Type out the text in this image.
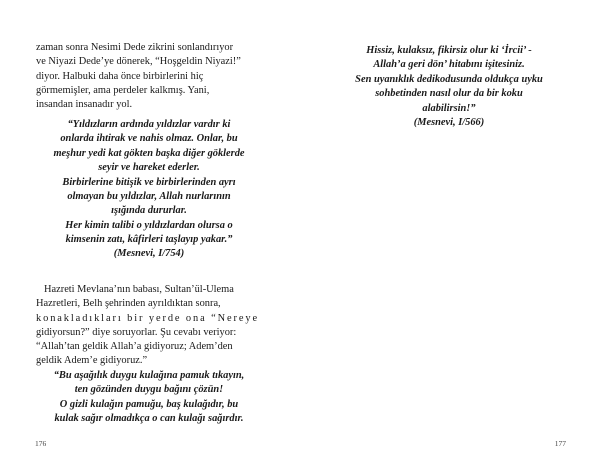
zaman sonra Nesimi Dede zikrini sonlandırıyor
ve Niyazi Dede’ye dönerek, “Hoşgeldin Niyazi!”
diyor. Halbuki daha önce birbirlerini hiç
görmemişler, ama perdeler kalkmış. Yani,
insandan insanadır yol.

“Yıldızların ardında yıldızlar vardır ki
onlarda ihtirak ve nahis olmaz. Onlar, bu
meşhur yedi kat gökten başka diğer göklerde
seyir ve hareket ederler.
Birbirlerine bitişik ve birbirlerinden ayrı
olmayan bu yıldızlar, Allah nurlarının
ışığında dururlar.
Her kimin talibi o yıldızlardan olursa o
kimsenin zatı, kâfirleri taşlayıp yakar.”

(Mesnevi, I/754)

Hazreti Mevlana’nın babası, Sultan’ül-Ulema
Hazretleri, Belh şehrinden ayrıldıktan sonra,
konakladıkları bir yerde ona “Nereye
gidiyorsun?” diye soruyorlar. Şu cevabı veriyor:
“Allah’tan geldik Allah’a gidiyoruz; Adem’den
geldik Adem’e gidiyoruz.”

“Bu aşağılık duygu kulağına pamuk tıkayın,
ten gözünden duygu bağını çözün!
O gizli kulağın pamuğu, baş kulağıdır, bu
kulak sağır olmadıkça o can kulağı sağırdır.

176

Hissiz, kulaksız, fikirsiz olur ki ‘İrcii’ -
Allah’a geri dön’ hitabını işitesiniz.
Sen uyanıklık dedikodusunda oldukça uyku
sohbetinden nasıl olur da bir koku
alabilirsin!”

(Mesnevi, I/566)

177
